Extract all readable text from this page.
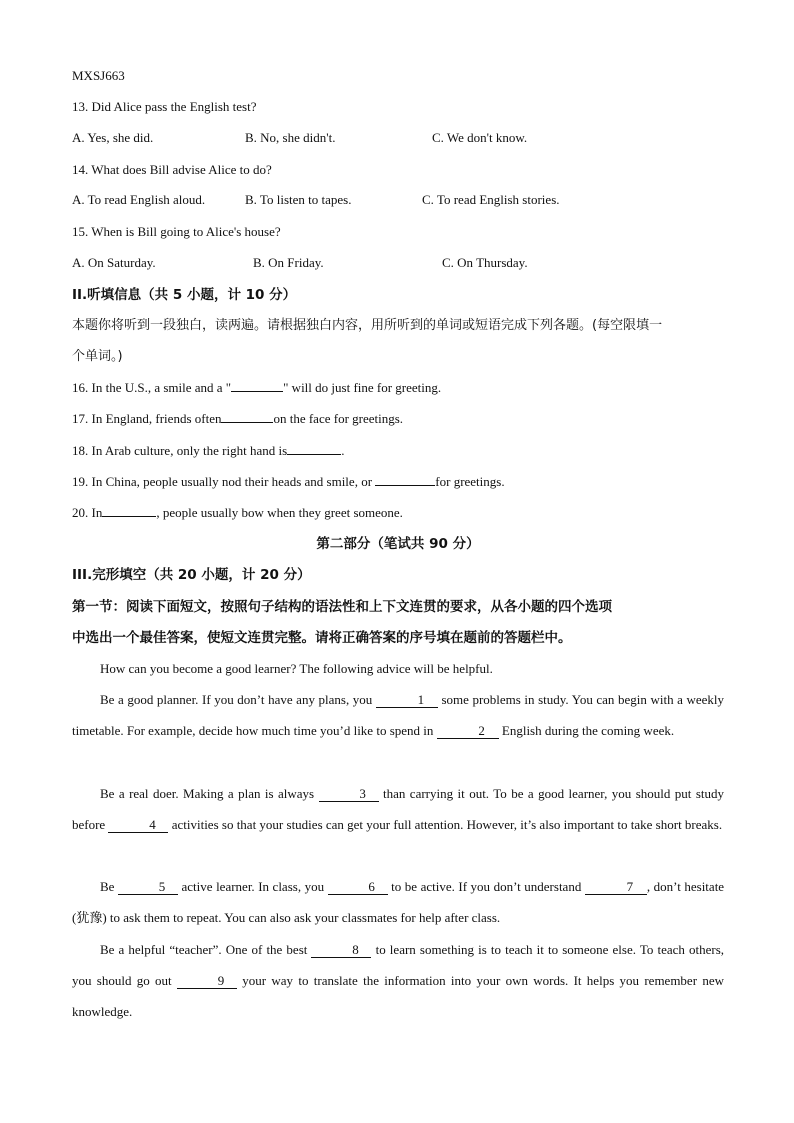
MXSJ663
13. Did Alice pass the English test?
A. Yes, she did.	B. No, she didn't.	C. We don't know.
14. What does Bill advise Alice to do?
A. To read English aloud.	B. To listen to tapes.	C. To read English stories.
15. When is Bill going to Alice's house?
A. On Saturday.	B. On Friday.	C. On Thursday.
II.听填信息（共 5 小题，计 10 分）
本题你将听到一段独白，读两遍。请根据独白内容，用所听到的单词或短语完成下列各题。(每空限填一
个单词。)
16. In the U.S., a smile and a "	" will do just fine for greeting.
17. In England, friends often	on the face for greetings.
18. In Arab culture, only the right hand is	.
19. In China, people usually nod their heads and smile, or	for greetings.
20. In	, people usually bow when they greet someone.
第二部分（笔试共 90 分）
III.完形填空（共 20 小题，计 20 分）
第一节：阅读下面短文，按照句子结构的语法性和上下文连贯的要求，从各小题的四个选项
中选出一个最佳答案，使短文连贯完整。请将正确答案的序号填在题前的答题栏中。
How can you become a good learner? The following advice will be helpful.
Be a good planner. If you don’t have any plans, you	1 some problems in study. You can begin with a weekly timetable. For example, decide how much time you’d like to spend in	2 English during the coming week.
Be a real doer. Making a plan is always	3 than carrying it out. To be a good learner, you should put study before	4 activities so that your studies can get your full attention. However, it’s also important to take short breaks.
Be	5 active learner. In class, you	6 to be active. If you don’t understand	7 , don’t hesitate (犹豫) to ask them to repeat. You can also ask your classmates for help after class.
Be a helpful “teacher”. One of the best	8 to learn something is to teach it to someone else. To teach others, you should go out	9 your way to translate the information into your own words. It helps you remember new knowledge.
